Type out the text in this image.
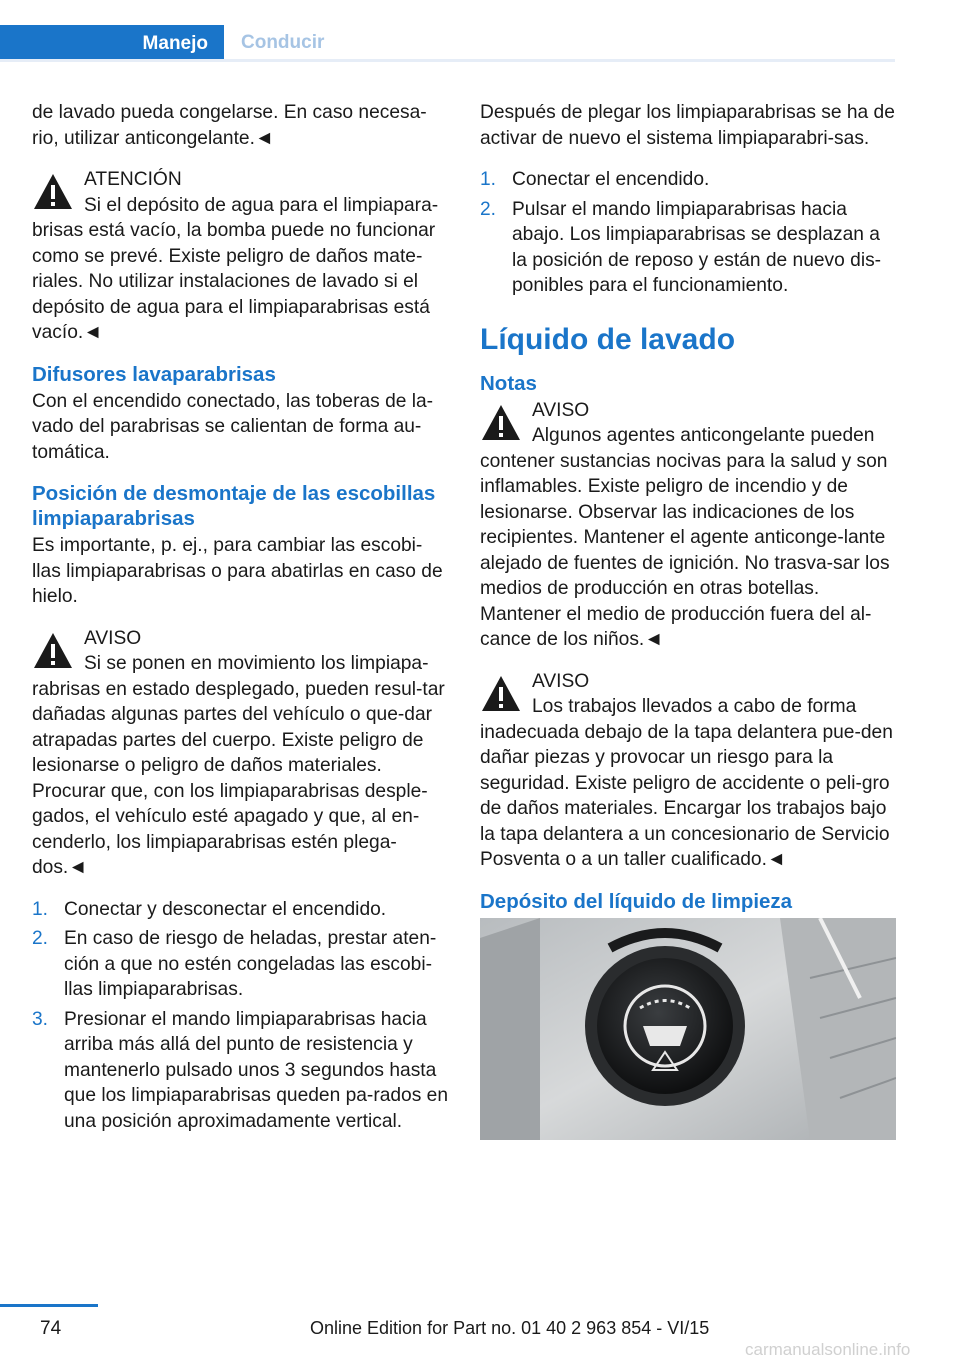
Manejo	Conducir

de lavado pueda congelarse. En caso necesa-rio, utilizar anticongelante.◄

ATENCIÓN

Si el depósito de agua para el limpiapara-brisas está vacío, la bomba puede no funcionar como se prevé. Existe peligro de daños mate-riales. No utilizar instalaciones de lavado si el depósito de agua para el limpiaparabrisas está vacío.◄

Difusores lavaparabrisas

Con el encendido conectado, las toberas de la-vado del parabrisas se calientan de forma au-tomática.

Posición de desmontaje de las escobillas limpiaparabrisas

Es importante, p. ej., para cambiar las escobi-llas limpiaparabrisas o para abatirlas en caso de hielo.

AVISO

Si se ponen en movimiento los limpiapa-rabrisas en estado desplegado, pueden resul-tar dañadas algunas partes del vehículo o que-dar atrapadas partes del cuerpo. Existe peligro de lesionarse o peligro de daños materiales. Procurar que, con los limpiaparabrisas desple-gados, el vehículo esté apagado y que, al en-cenderlo, los limpiaparabrisas estén plega-dos.◄

1. Conectar y desconectar el encendido.
2. En caso de riesgo de heladas, prestar aten-ción a que no estén congeladas las escobi-llas limpiaparabrisas.
3. Presionar el mando limpiaparabrisas hacia arriba más allá del punto de resistencia y mantenerlo pulsado unos 3 segundos hasta que los limpiaparabrisas queden pa-rados en una posición aproximadamente vertical.

Después de plegar los limpiaparabrisas se ha de activar de nuevo el sistema limpiaparabri-sas.

1. Conectar el encendido.
2. Pulsar el mando limpiaparabrisas hacia abajo. Los limpiaparabrisas se desplazan a la posición de reposo y están de nuevo dis-ponibles para el funcionamiento.
Líquido de lavado
Notas

AVISO

Algunos agentes anticongelante pueden contener sustancias nocivas para la salud y son inflamables. Existe peligro de incendio y de lesionarse. Observar las indicaciones de los recipientes. Mantener el agente anticonge-lante alejado de fuentes de ignición. No trasva-sar los medios de producción en otras botellas. Mantener el medio de producción fuera del al-cance de los niños.◄

AVISO

Los trabajos llevados a cabo de forma inadecuada debajo de la tapa delantera pue-den dañar piezas y provocar un riesgo para la seguridad. Existe peligro de accidente o peli-gro de daños materiales. Encargar los trabajos bajo la tapa delantera a un concesionario de Servicio Posventa o a un taller cualificado.◄

Depósito del líquido de limpieza
74	Online Edition for Part no. 01 40 2 963 854 - VI/15
carmanualsonline.info
